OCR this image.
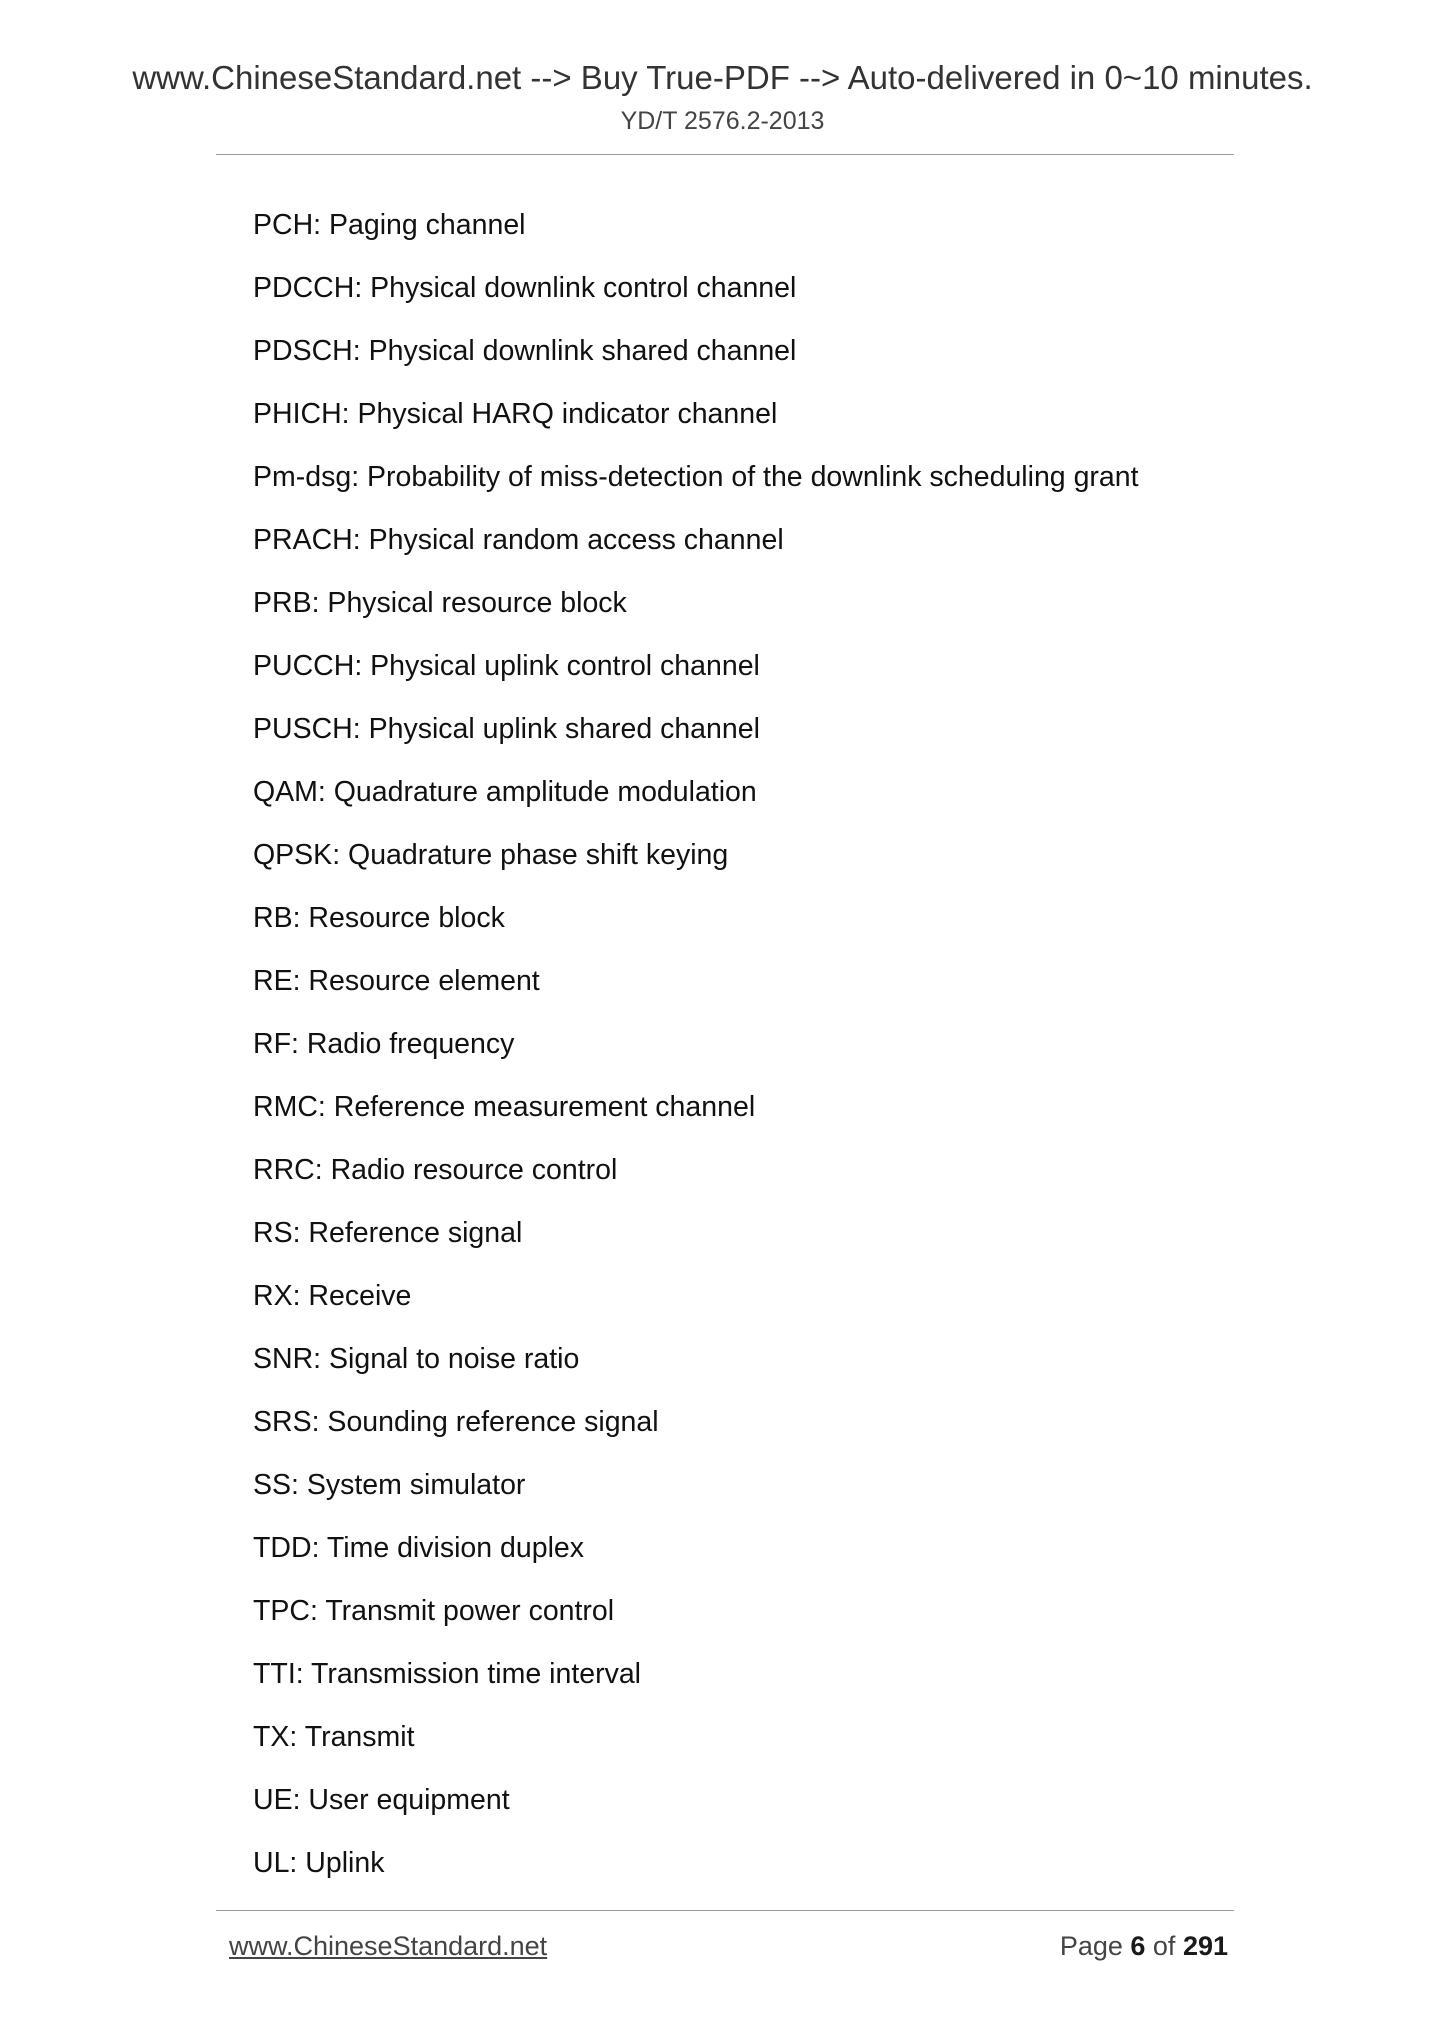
www.ChineseStandard.net --> Buy True-PDF --> Auto-delivered in 0~10 minutes.
YD/T 2576.2-2013
PCH: Paging channel
PDCCH: Physical downlink control channel
PDSCH: Physical downlink shared channel
PHICH: Physical HARQ indicator channel
Pm-dsg: Probability of miss-detection of the downlink scheduling grant
PRACH: Physical random access channel
PRB: Physical resource block
PUCCH: Physical uplink control channel
PUSCH: Physical uplink shared channel
QAM: Quadrature amplitude modulation
QPSK: Quadrature phase shift keying
RB: Resource block
RE: Resource element
RF: Radio frequency
RMC: Reference measurement channel
RRC: Radio resource control
RS: Reference signal
RX: Receive
SNR: Signal to noise ratio
SRS: Sounding reference signal
SS: System simulator
TDD: Time division duplex
TPC: Transmit power control
TTI: Transmission time interval
TX: Transmit
UE: User equipment
UL: Uplink
www.ChineseStandard.net	Page 6 of 291
